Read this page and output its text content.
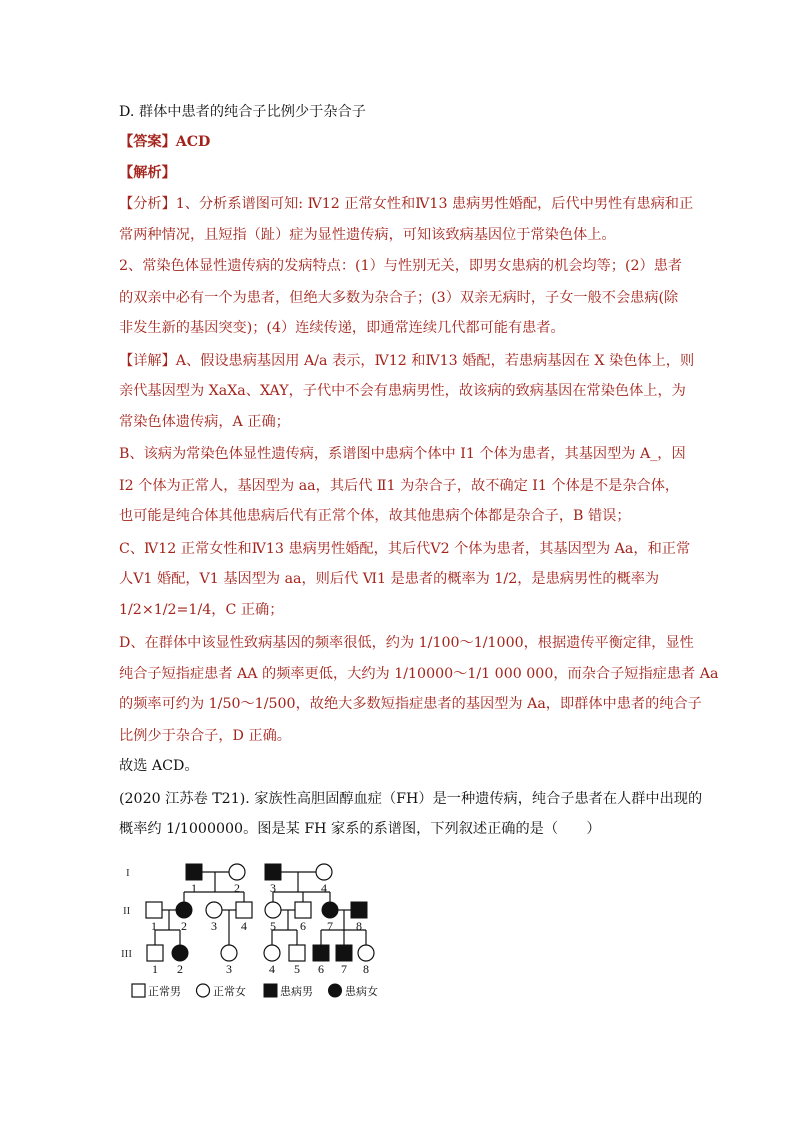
D. 群体中患者的纯合子比例少于杂合子
【答案】ACD
【解析】
【分析】1、分析系谱图可知: Ⅳ12 正常女性和Ⅳ13 患病男性婚配，后代中男性有患病和正
常两种情况，且短指（趾）症为显性遗传病，可知该致病基因位于常染色体上。
2、常染色体显性遗传病的发病特点：(1）与性别无关，即男女患病的机会均等；(2）患者
的双亲中必有一个为患者，但绝大多数为杂合子；(3）双亲无病时，子女一般不会患病(除
非发生新的基因突变)；(4）连续传递，即通常连续几代都可能有患者。
【详解】A、假设患病基因用 A/a 表示，Ⅳ12 和Ⅳ13 婚配，若患病基因在 X 染色体上，则
亲代基因型为 XaXa、XAY，子代中不会有患病男性，故该病的致病基因在常染色体上，为
常染色体遗传病，A 正确；
B、该病为常染色体显性遗传病，系谱图中患病个体中 Ⅰ1 个体为患者，其基因型为 A_，因
Ⅰ2 个体为正常人，基因型为 aa，其后代 Ⅱ1 为杂合子，故不确定 Ⅰ1 个体是不是杂合体，
也可能是纯合体其他患病后代有正常个体，故其他患病个体都是杂合子，B 错误；
C、Ⅳ12 正常女性和Ⅳ13 患病男性婚配，其后代Ⅴ2 个体为患者，其基因型为 Aa，和正常
人Ⅴ1 婚配，Ⅴ1 基因型为 aa，则后代 Ⅵ1 是患者的概率为 1/2，是患病男性的概率为
1/2×1/2=1/4，C 正确；
D、在群体中该显性致病基因的频率很低，约为 1/100～1/1000，根据遗传平衡定律，显性
纯合子短指症患者 AA 的频率更低，大约为 1/10000～1/1 000 000，而杂合子短指症患者 Aa
的频率可约为 1/50～1/500，故绝大多数短指症患者的基因型为 Aa，即群体中患者的纯合子
比例少于杂合子，D 正确。
故选 ACD。
(2020 江苏卷 T21). 家族性高胆固醇血症（FH）是一种遗传病，纯合子患者在人群中出现的
概率约 1/1000000。图是某 FH 家系的系谱图，下列叙述正确的是（　　）
I
II
III
1	2	3	4
1 2 3 4 5 6 7 8
1 2	3	4 5 6 7 8
正常男	正常女	患病男	患病女
